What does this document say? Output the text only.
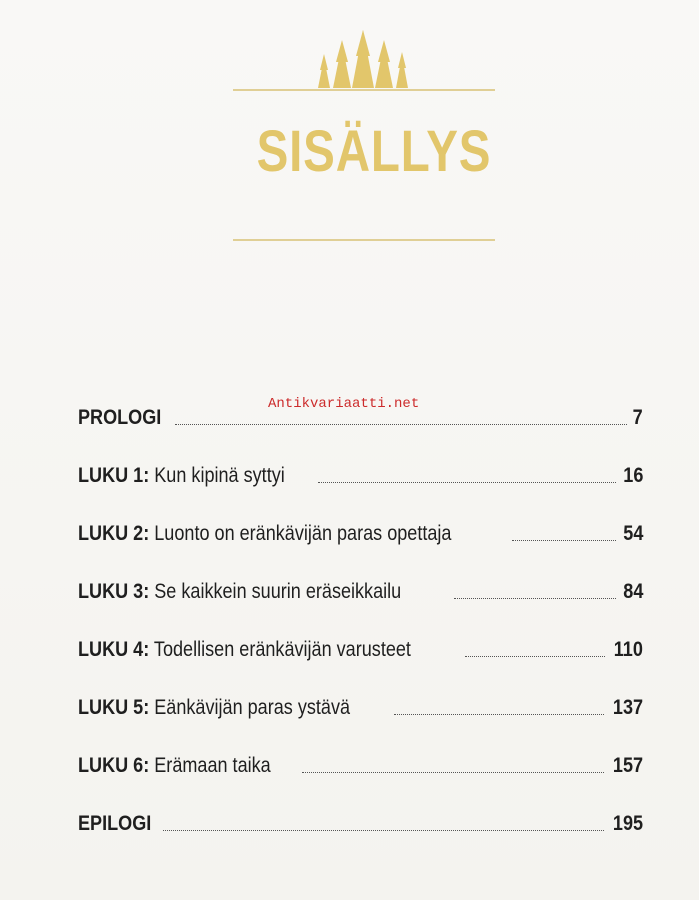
SISÄLLYS
PROLOGI	7
LUKU 1: Kun kipinä syttyi	16
LUKU 2: Luonto on eränkävijän paras opettaja	54
LUKU 3: Se kaikkein suurin eräseikkailu	84
LUKU 4: Todellisen eränkävijän varusteet	110
LUKU 5: Eänkävijän paras ystävä	137
LUKU 6: Erämaan taika	157
EPILOGI	195
Antikvariaatti.net
